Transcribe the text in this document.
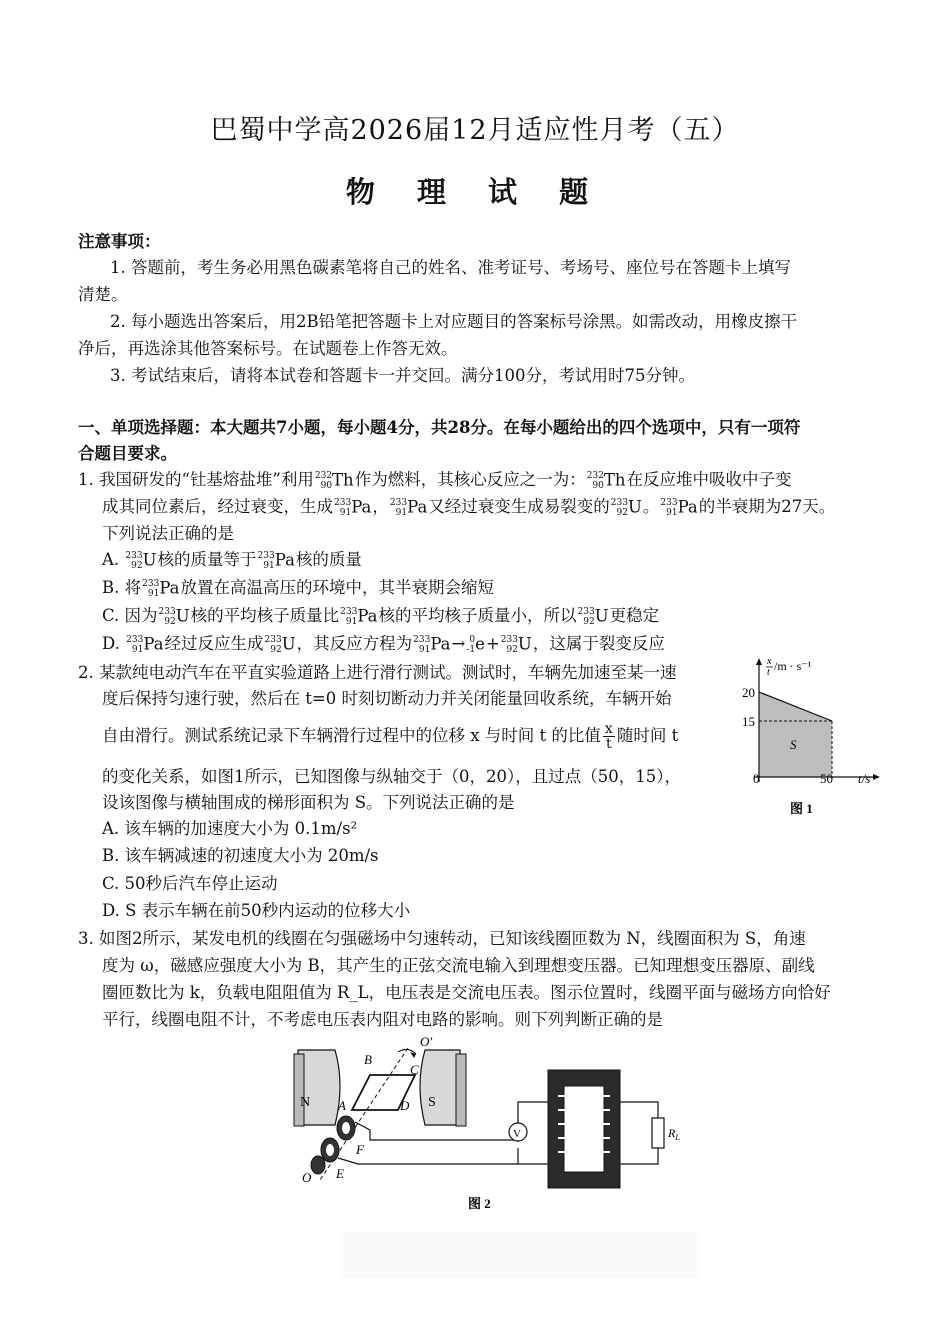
巴蜀中学高2026届12月适应性月考（五）
物 理 试 题
注意事项：
1. 答题前，考生务必用黑色碳素笔将自己的姓名、准考证号、考场号、座位号在答题卡上填写
清楚。
2. 每小题选出答案后，用2B铅笔把答题卡上对应题目的答案标号涂黑。如需改动，用橡皮擦干
净后，再选涂其他答案标号。在试题卷上作答无效。
3. 考试结束后，请将本试卷和答题卡一并交回。满分100分，考试用时75分钟。
一、单项选择题：本大题共7小题，每小题4分，共28分。在每小题给出的四个选项中，只有一项符
合题目要求。
1. 我国研发的“钍基熔盐堆”利用 232
90 Th作为燃料，其核心反应之一为： 232
90 Th在反应堆中吸收中子变
成其同位素后，经过衰变，生成 233
91 Pa， 233
91 Pa又经过衰变生成易裂变的 233
92 U。 233
91 Pa的半衰期为27天。
下列说法正确的是
A. 233
92 U核的质量等于 233
91 Pa核的质量
B. 将 233
91 Pa放置在高温高压的环境中，其半衰期会缩短
C. 因为 233
92 U核的平均核子质量比 233
91 Pa核的平均核子质量小，所以 233
92 U更稳定
D. 233
91 Pa经过反应生成 233
92 U，其反应方程为 233
91 Pa→ 0
-1 e+ 233
92 U，这属于裂变反应
2. 某款纯电动汽车在平直实验道路上进行滑行测试。测试时，车辆先加速至某一速
度后保持匀速行驶，然后在 t=0 时刻切断动力并关闭能量回收系统，车辆开始
自由滑行。测试系统记录下车辆滑行过程中的位移 x 与时间 t 的比值 $\frac{x}{t}$ 随时间 t
的变化关系，如图1所示，已知图像与纵轴交于（0，20），且过点（50，15），
设该图像与横轴围成的梯形面积为 S。下列说法正确的是
A. 该车辆的加速度大小为 0.1m/s²
B. 该车辆减速的初速度大小为 20m/s
C. 50秒后汽车停止运动
D. S 表示车辆在前50秒内运动的位移大小
x
t /m · s⁻¹
20
15
0	50 t/s
S
图 1
3. 如图2所示，某发电机的线圈在匀强磁场中匀速转动，已知该线圈匝数为 N，线圈面积为 S，角速
度为 ω，磁感应强度大小为 B，其产生的正弦交流电输入到理想变压器。已知理想变压器原、副线
圈匝数比为 k，负载电阻阻值为 R_L，电压表是交流电压表。图示位置时，线圈平面与磁场方向恰好
平行，线圈电阻不计，不考虑电压表内阻对电路的影响。则下列判断正确的是
N	S
V	$R_L$
B
C
A	D
F
E
O
O'
图 2
